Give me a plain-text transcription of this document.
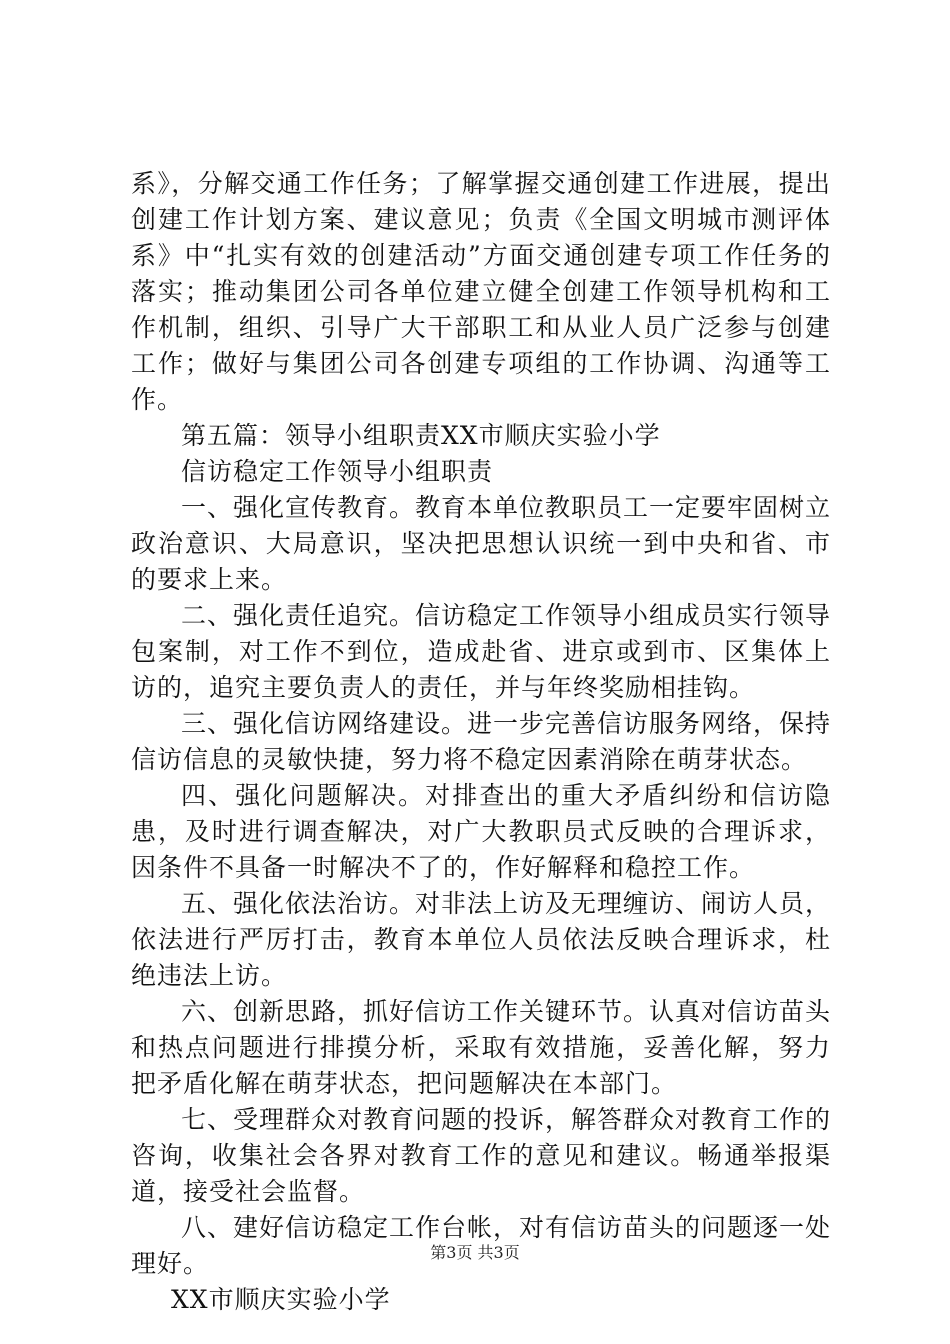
系》，分解交通工作任务；了解掌握交通创建工作进展，提出创建工作计划方案、建议意见；负责《全国文明城市测评体系》中“扎实有效的创建活动”方面交通创建专项工作任务的落实；推动集团公司各单位建立健全创建工作领导机构和工作机制，组织、引导广大干部职工和从业人员广泛参与创建工作；做好与集团公司各创建专项组的工作协调、沟通等工作。

第五篇：领导小组职责XX市顺庆实验小学

信访稳定工作领导小组职责

一、强化宣传教育。教育本单位教职员工一定要牢固树立政治意识、大局意识，坚决把思想认识统一到中央和省、市的要求上来。

二、强化责任追究。信访稳定工作领导小组成员实行领导包案制，对工作不到位，造成赴省、进京或到市、区集体上访的，追究主要负责人的责任，并与年终奖励相挂钩。

三、强化信访网络建设。进一步完善信访服务网络，保持信访信息的灵敏快捷，努力将不稳定因素消除在萌芽状态。

四、强化问题解决。对排查出的重大矛盾纠纷和信访隐患，及时进行调查解决，对广大教职员式反映的合理诉求，因条件不具备一时解决不了的，作好解释和稳控工作。

五、强化依法治访。对非法上访及无理缠访、闹访人员，依法进行严厉打击，教育本单位人员依法反映合理诉求，杜绝违法上访。

六、创新思路，抓好信访工作关键环节。认真对信访苗头和热点问题进行排摸分析，采取有效措施，妥善化解，努力把矛盾化解在萌芽状态，把问题解决在本部门。

七、受理群众对教育问题的投诉，解答群众对教育工作的咨询，收集社会各界对教育工作的意见和建议。畅通举报渠道，接受社会监督。

八、建好信访稳定工作台帐，对有信访苗头的问题逐一处理好。

XX市顺庆实验小学

第3页 共3页
